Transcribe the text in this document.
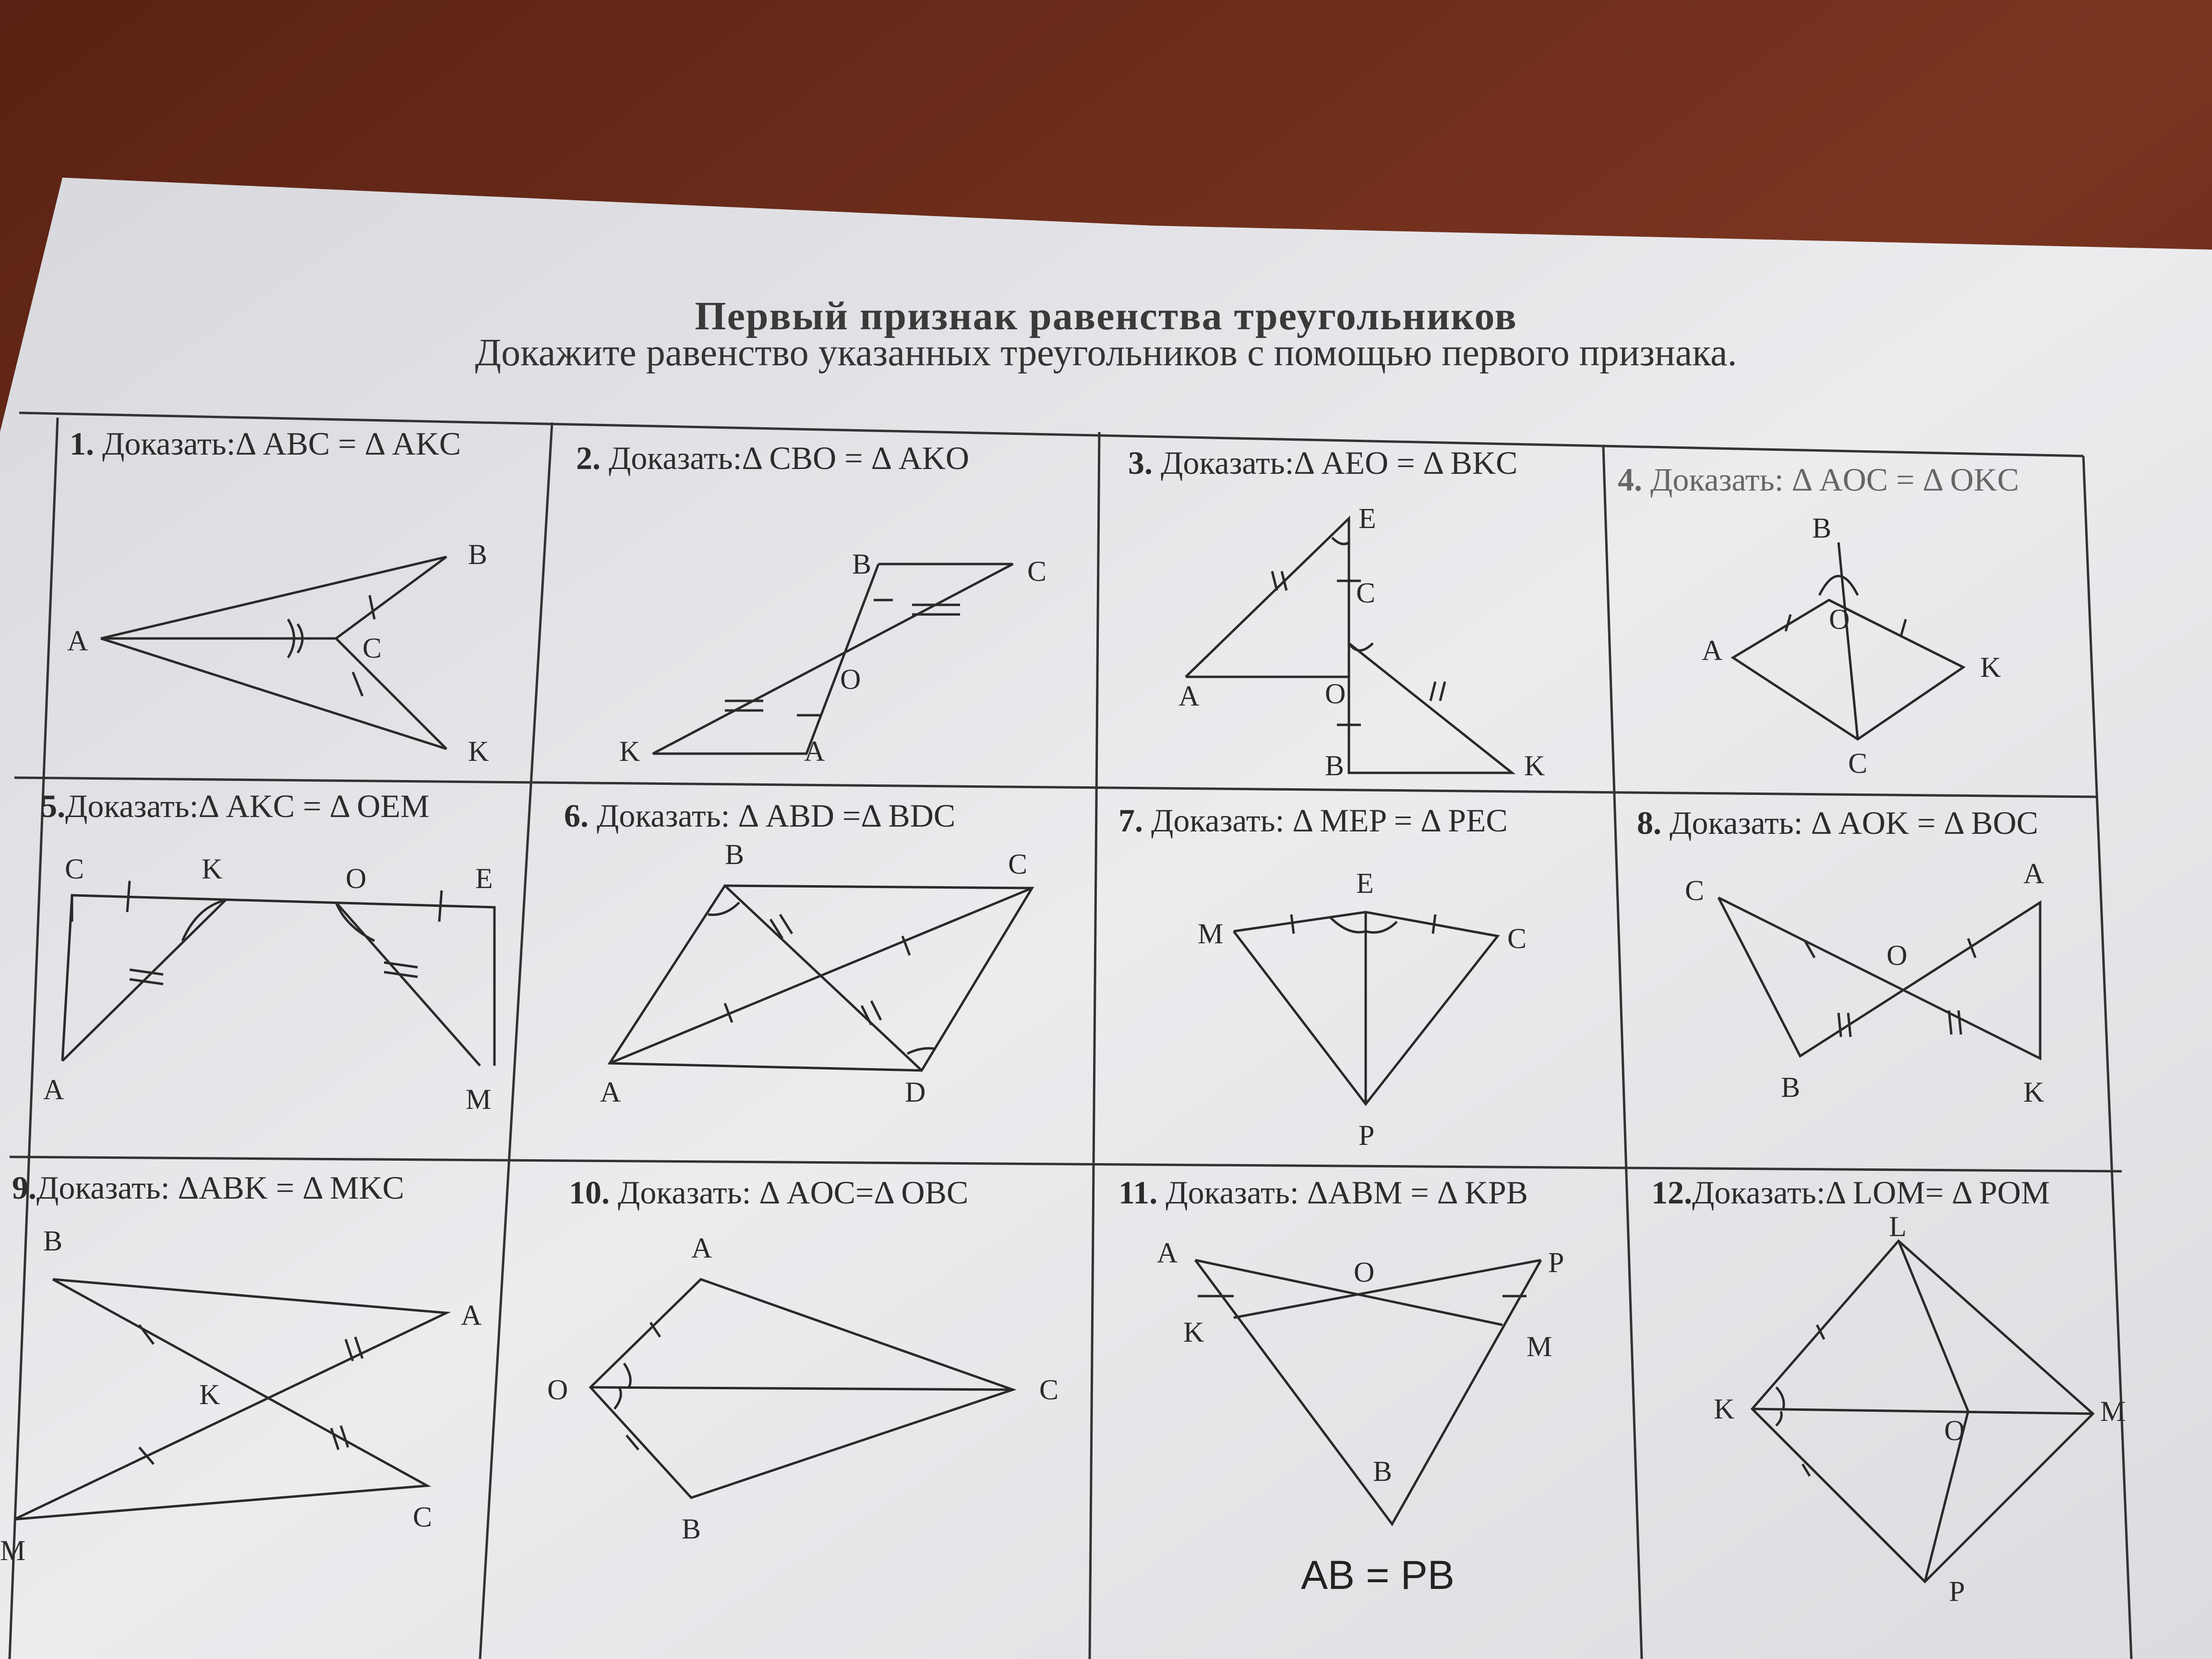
Первый признак равенства треугольников
Докажите равенство указанных треугольников с помощью первого признака.
1. Доказать:Δ ABC = Δ AKC	2. Доказать:Δ CBO = Δ AKO	3. Доказать:Δ AEO = Δ BKC	4. Доказать: Δ AOC = Δ OKC
5.Доказать:Δ AKC = Δ OEM	6. Доказать: Δ ABD =Δ BDC	7. Доказать: Δ MEP = Δ PEC	8. Доказать: Δ AOK = Δ BOC
9.Доказать: ΔABK = Δ MKC	10. Доказать: Δ AOC=Δ OBC	11. Доказать: ΔABM = Δ KPB	12.Доказать:Δ LOM= Δ POM
A
B
C
K
B	C
O
K	A
E
C
A	O
B	K
B
O
A
K
C
C	K	O	E
A	M
B	C
A	D
E
M	C
P
C
A
O
B	K
B
A
K
C
M
A
O	C
B
A
O	P
K	M
B
AB = PB
L
K
O
M
P
